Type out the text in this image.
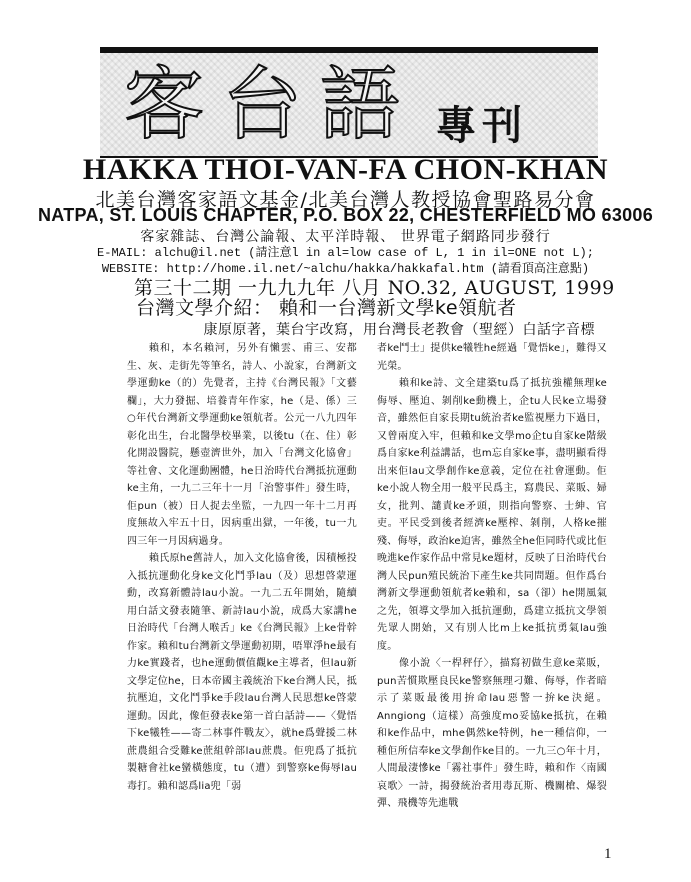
客台語 專刊
HAKKA THOI-VAN-FA CHON-KHAN
北美台灣客家語文基金/北美台灣人教授協會聖路易分會
NATPA, ST. LOUIS CHAPTER, P.O. BOX 22, CHESTERFIELD MO 63006
客家雜誌、台灣公論報、太平洋時報、 世界電子網路同步發行
E-MAIL: alchu@il.net (請注意l in al=low case of L, 1 in il=ONE not L);
WEBSITE: http://home.il.net/~alchu/hakka/hakkafal.htm (請看頂高注意點)
第三十二期 一九九九年 八月 NO.32, AUGUST, 1999
台灣文學介紹： 賴和一台灣新文學ke領航者
康原原著，葉台宇改寫，用台灣長老教會（聖經）白話字音標

賴和，本名賴河，另外有懶雲、甫三、安都生、灰、走街先等筆名，詩人、小說家，台灣新文學運動ke（的）先覺者，主持《台灣民報》「文藝欄」，大力發掘、培養青年作家，he（是、係）三○年代台灣新文學運動ke領航者。公元一八九四年彰化出生，台北醫學校畢業，以後tu（在、住）彰化開設醫院，懸壺濟世外，加入「台灣文化協會」等社會、文化運動團體，he日治時代台灣抵抗運動ke主角，一九二三年十一月「治警事件」發生時，佢pun（被）日人捉去坐監，一九四一年十二月再度無故入牢五十日，因病重出獄，一年後，tu一九四三年一月因病過身。

賴氏原he舊詩人，加入文化協會後，因積極投入抵抗運動化身ke文化鬥爭lau（及）思想啓蒙運動，改寫新體詩lau小說。一九二五年開始，隨續用白話文發表隨筆、新詩lau小說，成爲大家講he日治時代「台灣人喉舌」ke《台灣民報》上ke骨幹作家。賴和tu台灣新文學運動初期，唔單淨he最有力ke實踐者，也he運動價值觀ke主導者，但lau新文學定位he，日本帝國主義統治下ke台灣人民，抵抗壓迫，文化鬥爭ke手段lau台灣人民思想ke啓蒙運動。因此，像佢發表ke第一首白話詩——〈覺悟下ke犧牲——寄二林事件戰友〉，就he爲聲援二林蔗農組合受難ke蔗組幹部lau蔗農。佢兜爲了抵抗製糖會社ke蠻橫態度，tu（遭）到警察ke侮辱lau毒打。賴和認爲lia兜「弱

者ke鬥士」提供ke犧牲he經過「覺悟ke」，難得又光榮。

賴和ke詩、文全建築tu爲了抵抗強權無理ke侮辱、壓迫、剝削ke動機上，企tu人民ke立場發音，雖然佢自家長期tu統治者ke監視壓力下過日，又曾兩度入牢，但賴和ke文學mo企tu自家ke階級爲自家ke利益講話，也m忘自家ke事，盡明顯看得出來佢lau文學創作ke意義，定位在社會運動。佢ke小說人物全用一般平民爲主，寫農民、菜販、婦女，批判、譴責ke矛頭，則指向警察、士紳、官吏。平民受到後者經濟ke壓榨、剝削，人格ke摧殘、侮辱，政治ke迫害，雖然全he佢同時代或比佢晚進ke作家作品中常見ke題材，反映了日治時代台灣人民pun殖民統治下產生ke共同問題。但作爲台灣新文學運動領航者ke賴和，sa（卻）he開風氣之先，領導文學加入抵抗運動，爲建立抵抗文學領先眾人開始，又有別人比m上ke抵抗勇氣lau強度。

像小說〈一桿秤仔〉，描寫初做生意ke菜販，pun苦慣欺壓良民ke警察無理刁難、侮辱，作者暗示了菜販最後用拚命lau惡警一拚ke決絕。Anngiong（這樣）高強度mo妥協ke抵抗，在賴和ke作品中，mhe偶然ke特例，he一種信仰，一種佢所信奉ke文學創作ke目的。一九三○年十月，人間最淒慘ke「霧社事件」發生時，賴和作〈南國哀歌〉一詩，揭發統治者用毒瓦斯、機關槍、爆裂彈、飛機等先進戰

1
